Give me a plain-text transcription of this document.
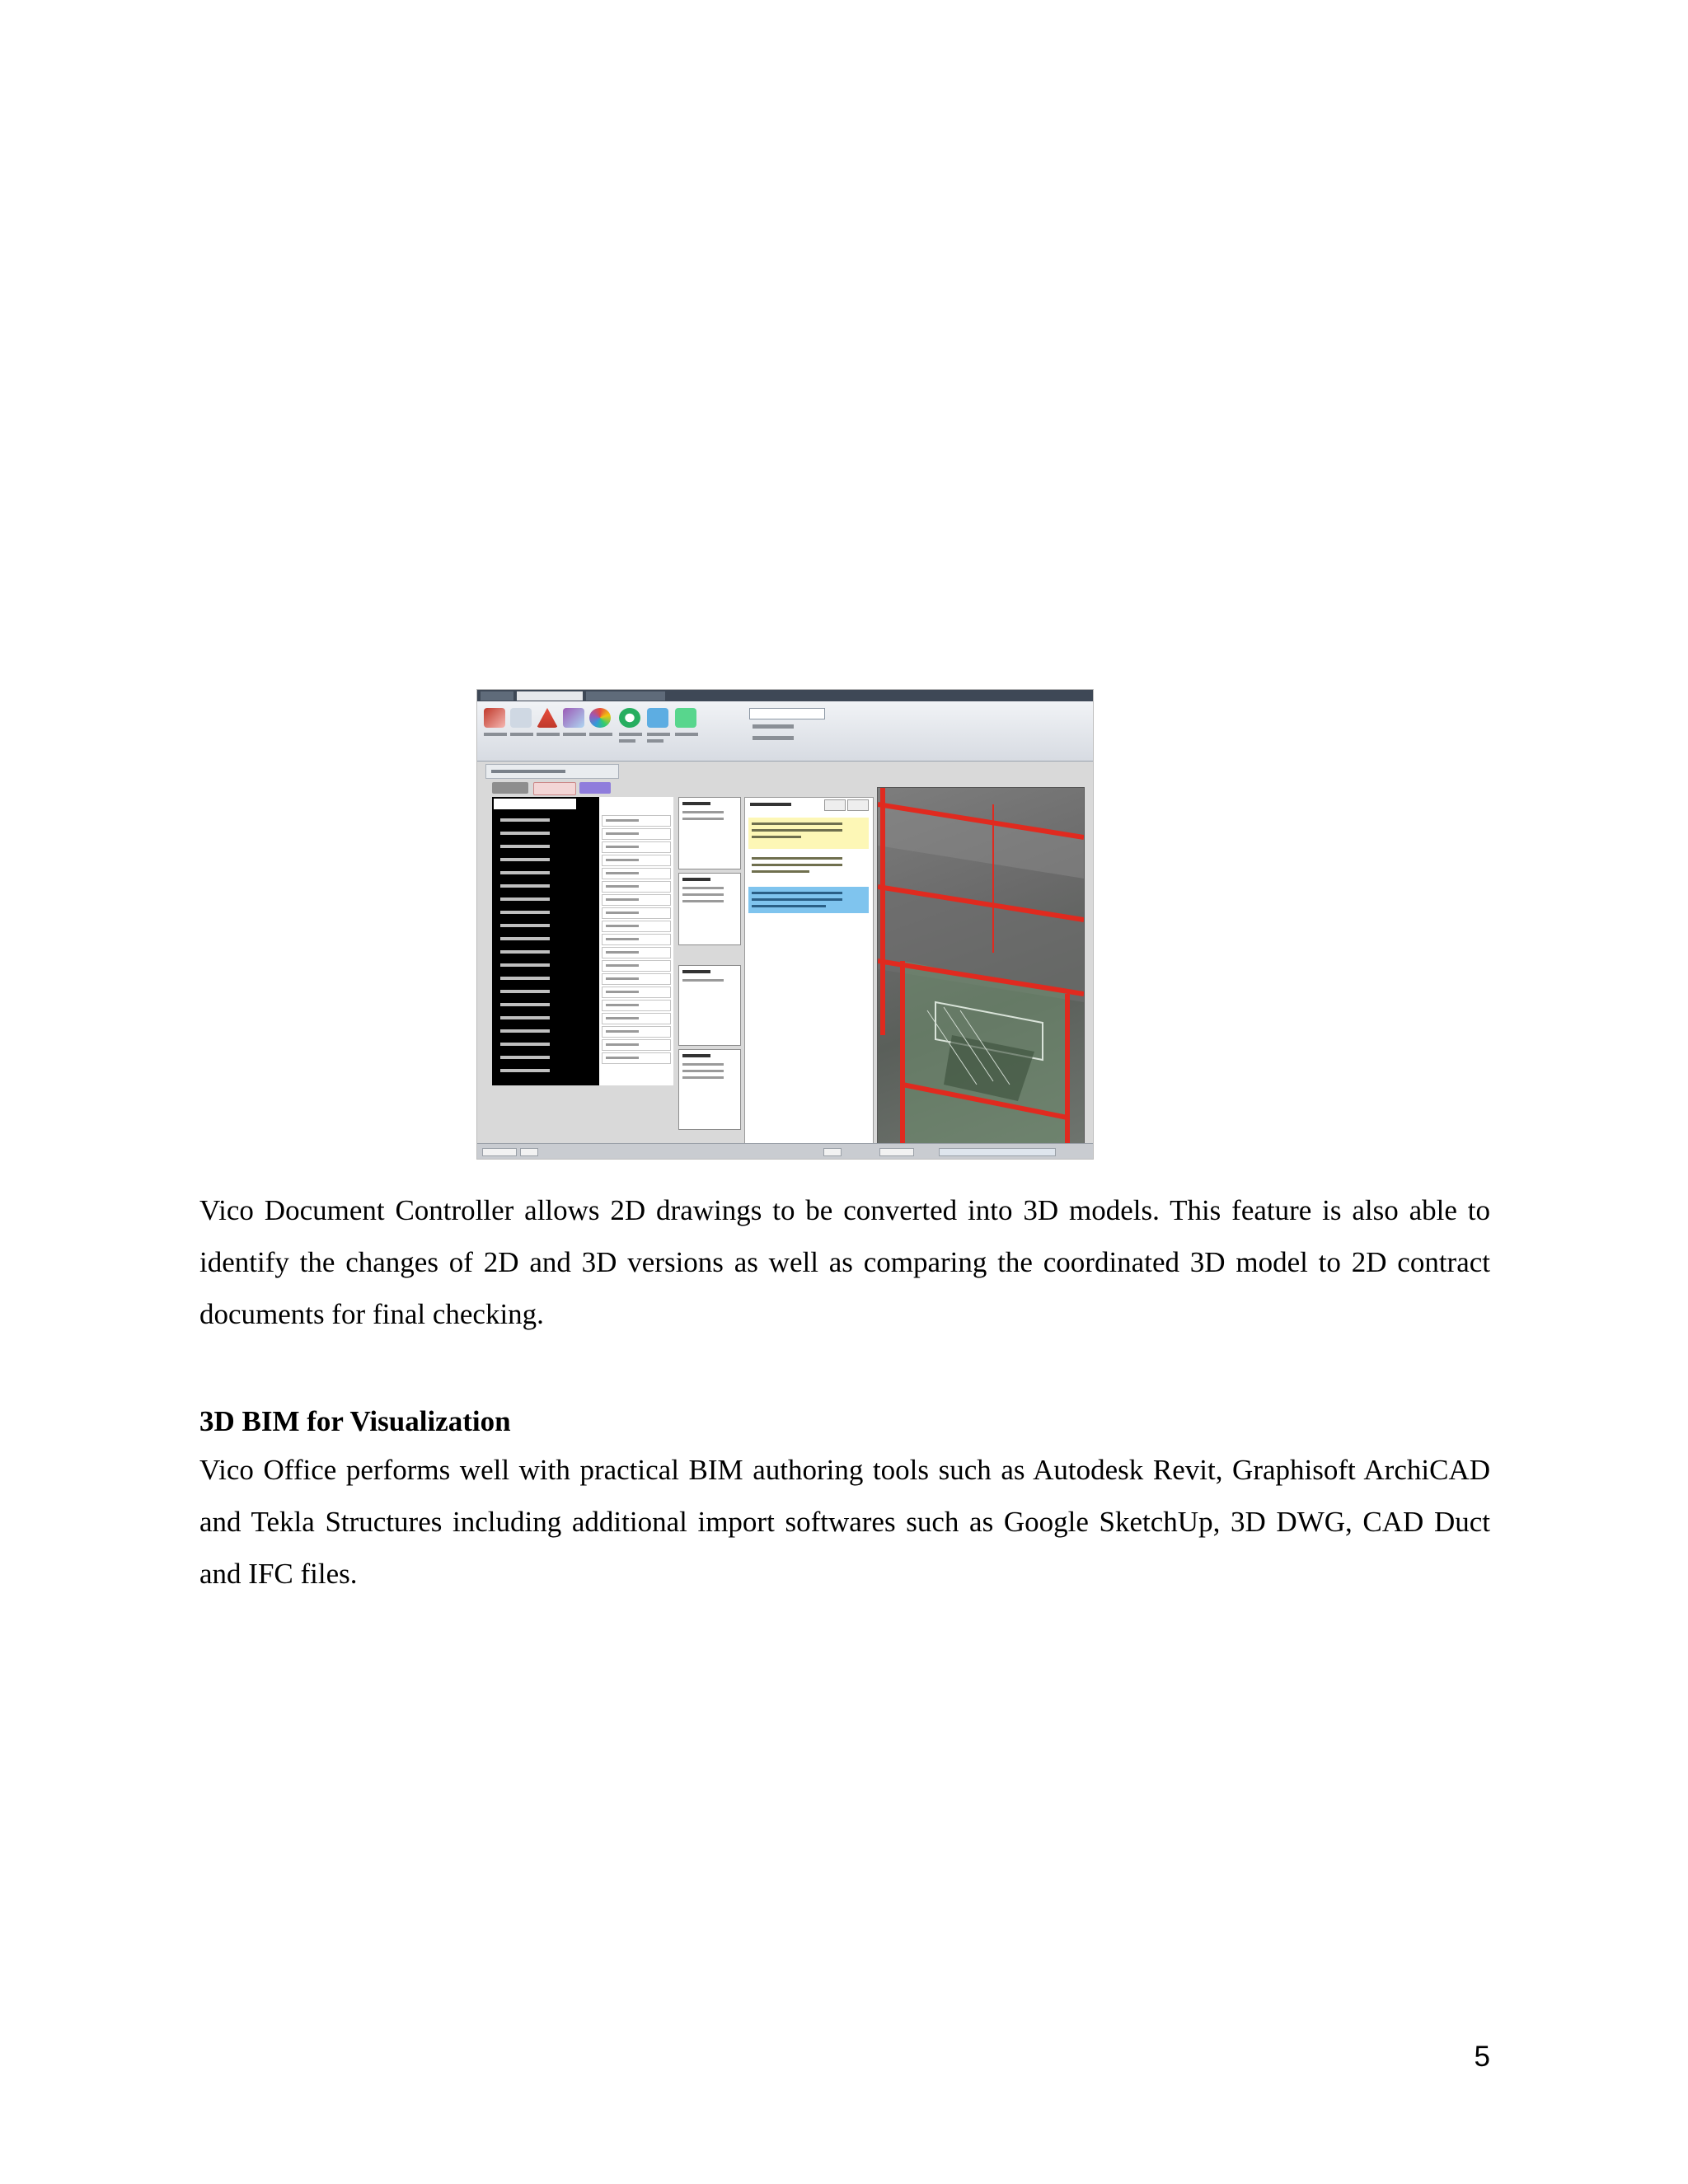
Vico Document Controller allows 2D drawings to be converted into 3D models. This feature is also able to identify the changes of 2D and 3D versions as well as comparing the coordinated 3D model to 2D contract documents for final checking.

3D BIM for Visualization

Vico Office performs well with practical BIM authoring tools such as Autodesk Revit, Graphisoft ArchiCAD and Tekla Structures including additional import softwares such as Google SketchUp, 3D DWG, CAD Duct and IFC files.

5
